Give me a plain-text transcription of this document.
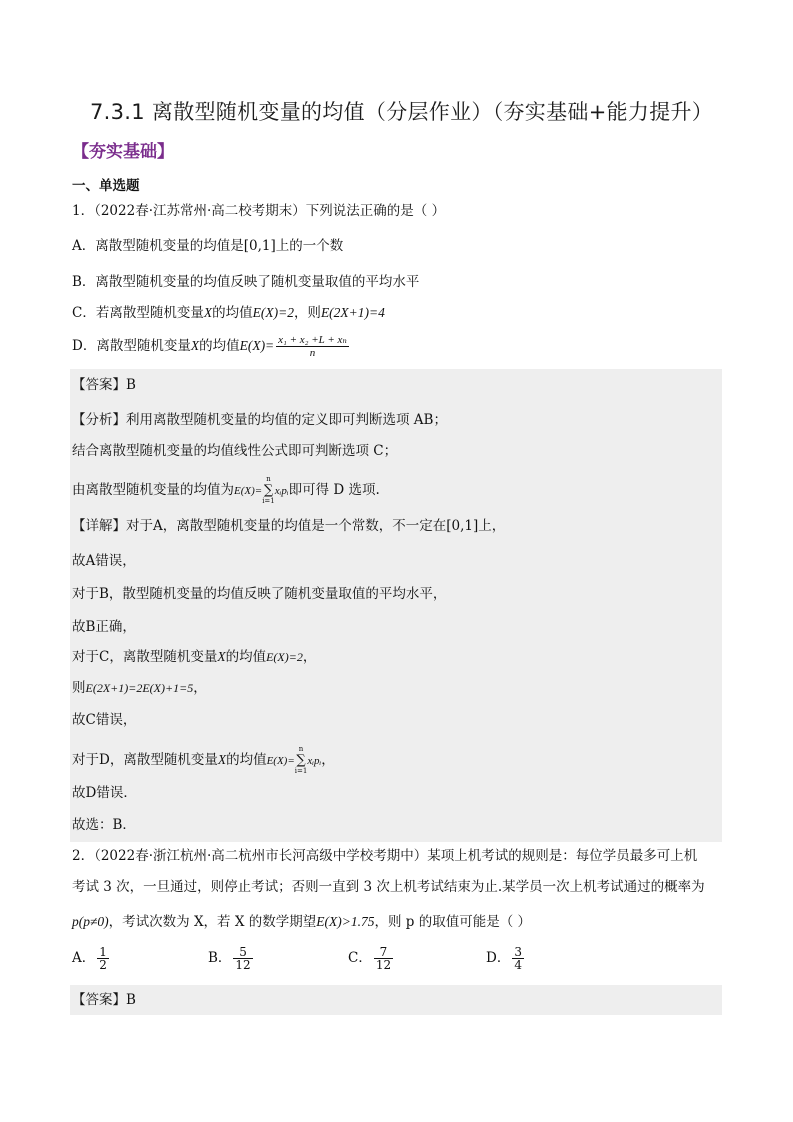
7.3.1 离散型随机变量的均值（分层作业）（夯实基础+能力提升）
【夯实基础】
一、单选题
1．（2022春·江苏常州·高二校考期末）下列说法正确的是（ ）
A．离散型随机变量的均值是[0,1]上的一个数
B．离散型随机变量的均值反映了随机变量取值的平均水平
C．若离散型随机变量X的均值E(X)=2，则E(2X+1)=4
D．离散型随机变量X的均值$E(X)= \frac{\text{x₁ + x₂ +L + xₙ}}{n}$
【答案】B
【分析】利用离散型随机变量的均值的定义即可判断选项 AB；
结合离散型随机变量的均值线性公式即可判断选项 C；
由离散型随机变量的均值为E(X)=
n
∑
i=1
xᵢpᵢ即可得 D 选项.
【详解】对于A，离散型随机变量的均值是一个常数，不一定在[0,1]上，
故A错误，
对于B，散型随机变量的均值反映了随机变量取值的平均水平，
故B正确，
对于C，离散型随机变量X的均值E(X)=2，
则E(2X+1)=2E(X)+1=5，
故C错误，
对于D，离散型随机变量X的均值E(X)=
n
∑
i=1
xᵢpᵢ，
故D错误．
故选：B．
2．（2022春·浙江杭州·高二杭州市长河高级中学校考期中）某项上机考试的规则是：每位学员最多可上机
考试 3 次，一旦通过，则停止考试；否则一直到 3 次上机考试结束为止.某学员一次上机考试通过的概率为
p(p≠0)，考试次数为 X，若 X 的数学期望E(X)>1.75，则 p 的取值可能是（ ）
A． $\frac{1}{2}$	B． $\frac{5}{12}$	C． $\frac{7}{12}$	D． $\frac{3}{4}$
【答案】B
